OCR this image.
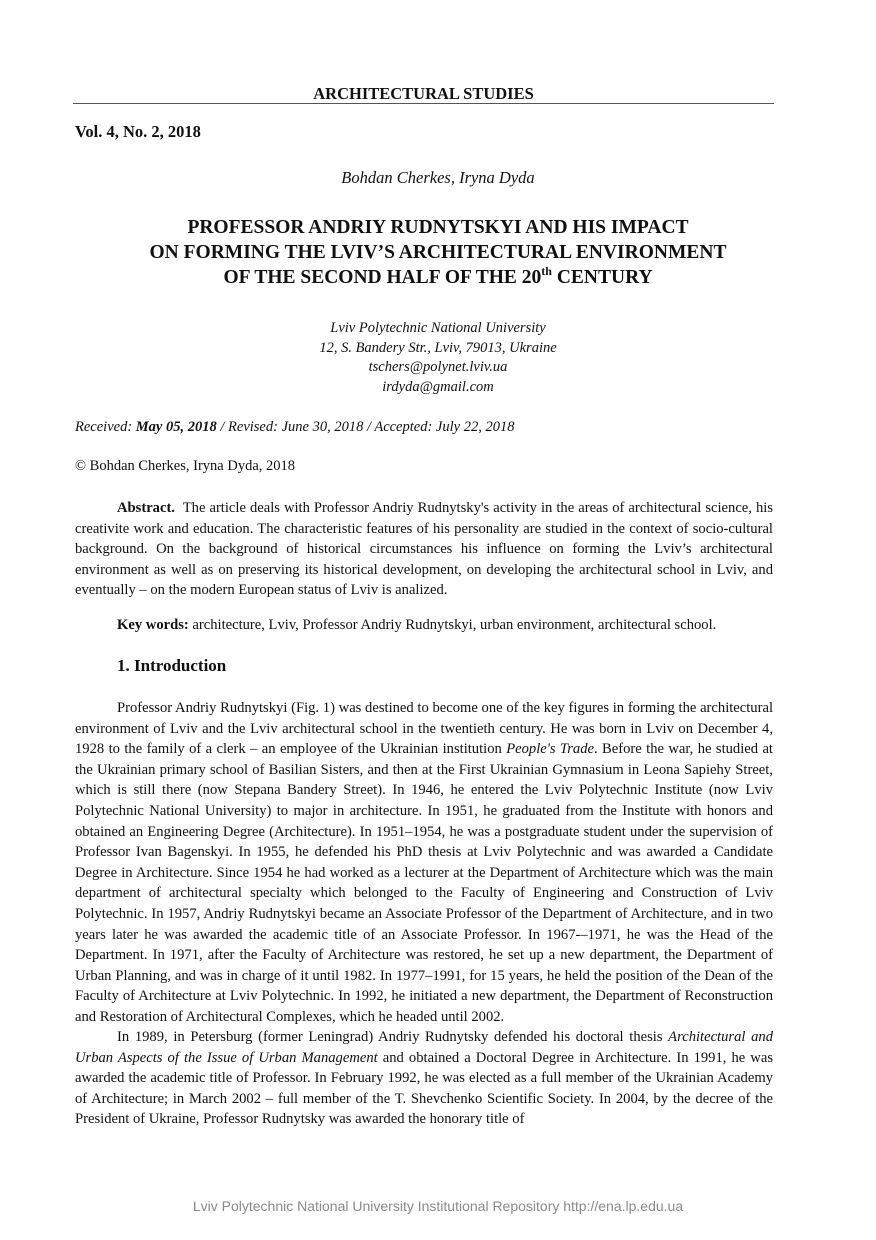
ARCHITECTURAL STUDIES
Vol. 4, No. 2, 2018
Bohdan Cherkes, Iryna Dyda
PROFESSOR ANDRIY RUDNYTSKYI AND HIS IMPACT
ON FORMING THE LVIV’S ARCHITECTURAL ENVIRONMENT
OF THE SECOND HALF OF THE 20th CENTURY
Lviv Polytechnic National University
12, S. Bandery Str., Lviv, 79013, Ukraine
tschers@polynet.lviv.ua
irdyda@gmail.com
Received: May 05, 2018 / Revised: June 30, 2018 / Accepted: July 22, 2018
© Bohdan Cherkes, Iryna Dyda, 2018

Abstract.  The article deals with Professor Andriy Rudnytsky's activity in the areas of architectural science, his creativite work and education. The characteristic features of his personality are studied in the context of socio-cultural background. On the background of historical circumstances his influence on forming the Lviv’s architectural environment as well as on preserving its historical development, on developing the architectural school in Lviv, and eventually – on the modern European status of Lviv is analized.

Key words: architecture, Lviv, Professor Andriy Rudnytskyi, urban environment, architectural school.

1. Introduction

Professor Andriy Rudnytskyi (Fig. 1) was destined to become one of the key figures in forming the architectural environment of Lviv and the Lviv architectural school in the twentieth century. He was born in Lviv on December 4, 1928 to the family of a clerk – an employee of the Ukrainian institution People's Trade. Before the war, he studied at the Ukrainian primary school of Basilian Sisters, and then at the First Ukrainian Gymnasium in Leona Sapiehy Street, which is still there (now Stepana Bandery Street). In 1946, he entered the Lviv Polytechnic Institute (now Lviv Polytechnic National University) to major in architecture. In 1951, he graduated from the Institute with honors and obtained an Engineering Degree (Architecture). In 1951–1954, he was a postgraduate student under the supervision of Professor Ivan Bagenskyi. In 1955, he defended his PhD thesis at Lviv Polytechnic and was awarded a Candidate Degree in Architecture. Since 1954 he had worked as a lecturer at the Department of Architecture which was the main department of architectural specialty which belonged to the Faculty of Engineering and Construction of Lviv Polytechnic. In 1957, Andriy Rudnytskyi became an Associate Professor of the Department of Architecture, and in two years later he was awarded the academic title of an Associate Professor. In 1967-–1971, he was the Head of the Department. In 1971, after the Faculty of Architecture was restored, he set up a new department, the Department of Urban Planning, and was in charge of it until 1982. In 1977–1991, for 15 years, he held the position of the Dean of the Faculty of Architecture at Lviv Polytechnic. In 1992, he initiated a new department, the Department of Reconstruction and Restoration of Architectural Complexes, which he headed until 2002.

In 1989, in Petersburg (former Leningrad) Andriy Rudnytsky defended his doctoral thesis Architectural and Urban Aspects of the Issue of Urban Management and obtained a Doctoral Degree in Architecture. In 1991, he was awarded the academic title of Professor. In February 1992, he was elected as a full member of the Ukrainian Academy of Architecture; in March 2002 – full member of the T. Shevchenko Scientific Society. In 2004, by the decree of the President of Ukraine, Professor Rudnytsky was awarded the honorary title of

Lviv Polytechnic National University Institutional Repository http://ena.lp.edu.ua
